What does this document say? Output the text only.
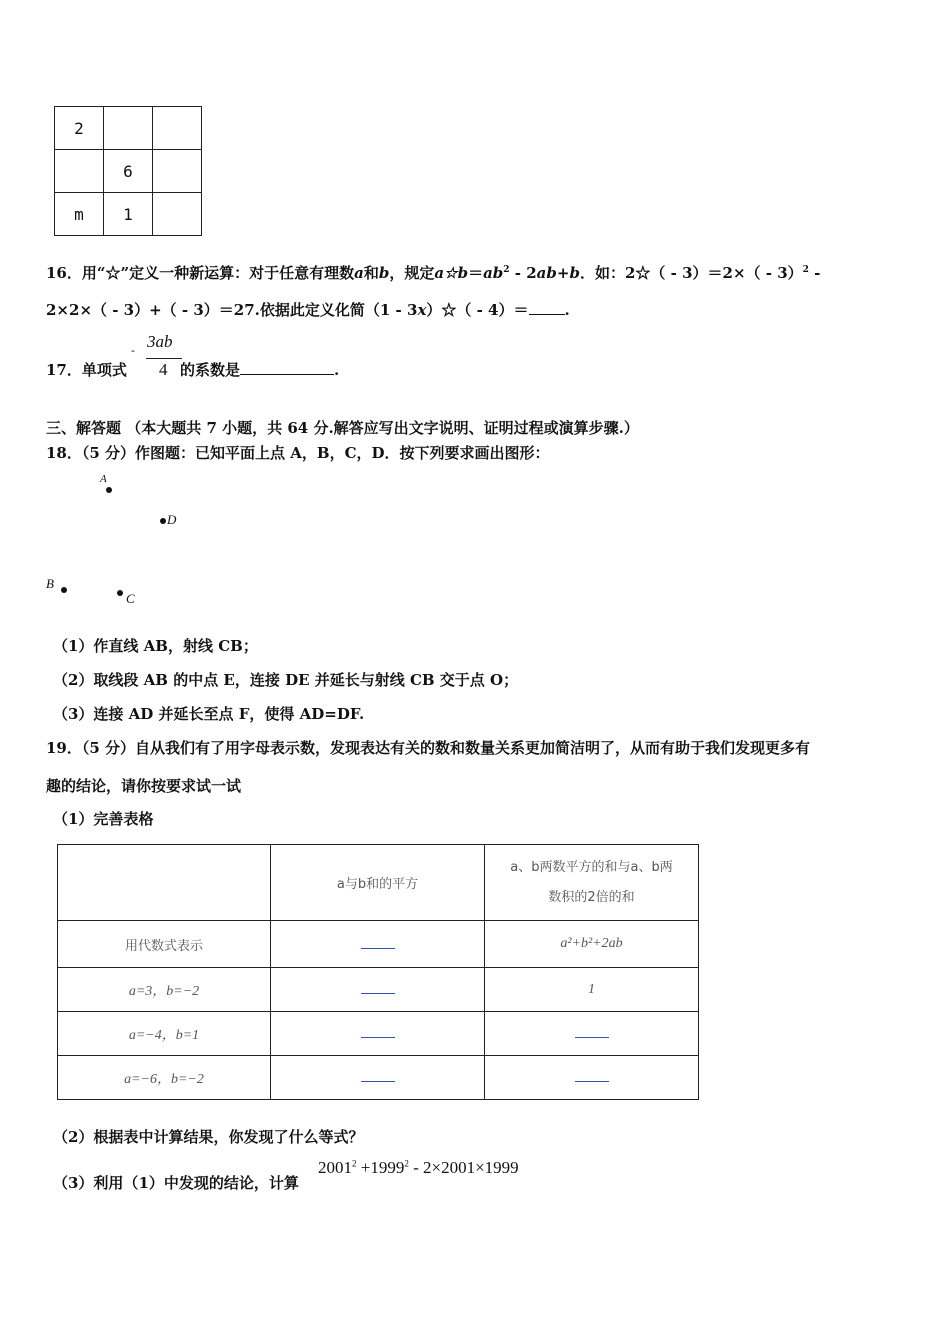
2		
	6	
m	1	
16．用“☆”定义一种新运算：对于任意有理数a和b，规定$a☆b=ab^2 - 2ab+b$．如：2☆（ - 3）＝2×（ - 3）$^2$ -
2×2×（ - 3）+（ - 3）＝27.依据此定义化简（1 - 3x）☆（ - 4）＝ .
17．单项式
- 3ab
4 的系数是	.
三、解答题 （本大题共 7 小题，共 64 分.解答应写出文字说明、证明过程或演算步骤.）
18．（5 分）作图题：已知平面上点 A，B，C，D．按下列要求画出图形：
A
D
B
C
（1）作直线 AB，射线 CB；
（2）取线段 AB 的中点 E，连接 DE 并延长与射线 CB 交于点 O；
（3）连接 AD 并延长至点 F，使得 AD=DF.
19．（5 分）自从我们有了用字母表示数，发现表达有关的数和数量关系更加简洁明了，从而有助于我们发现更多有
趣的结论，请你按要求试一试
（1）完善表格
	a与b和的平方	a、b两数平方的和与a、b两
数积的2倍的和

用代数式表示		a²+b²+2ab
a=3，b=−2		1
a=−4，b=1		
a=−6，b=−2		
（2）根据表中计算结果，你发现了什么等式？
（3）利用（1）中发现的结论，计算
$2001^2 +1999^2 - 2\times 2001\times 1999$
